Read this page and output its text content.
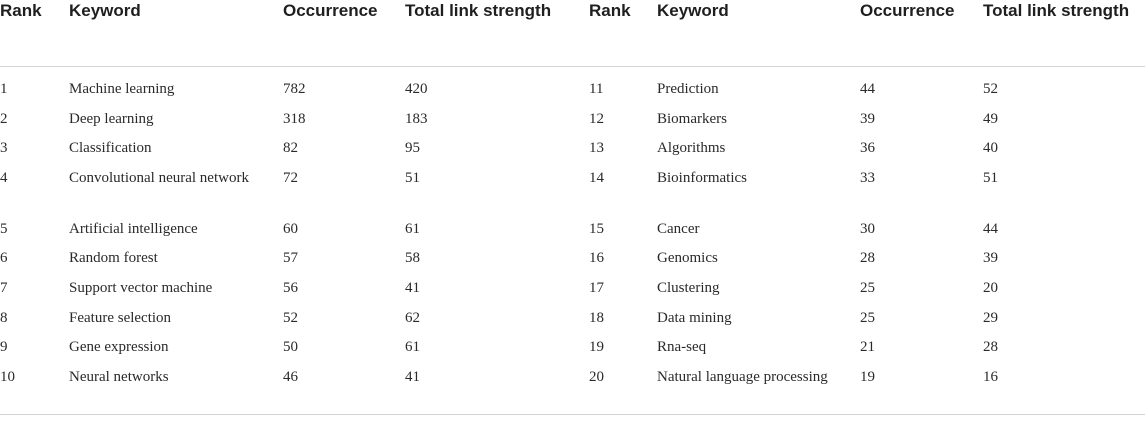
Rank	Keyword	Occurrence	Total link strength	Rank	Keyword	Occurrence	Total link strength
1	Machine learning	782	420	11	Prediction	44	52
2	Deep learning	318	183	12	Biomarkers	39	49
3	Classification	82	95	13	Algorithms	36	40
4	Convolutional neural network	72	51	14	Bioinformatics	33	51
5	Artificial intelligence	60	61	15	Cancer	30	44
6	Random forest	57	58	16	Genomics	28	39
7	Support vector machine	56	41	17	Clustering	25	20
8	Feature selection	52	62	18	Data mining	25	29
9	Gene expression	50	61	19	Rna-seq	21	28
10	Neural networks	46	41	20	Natural language processing	19	16
